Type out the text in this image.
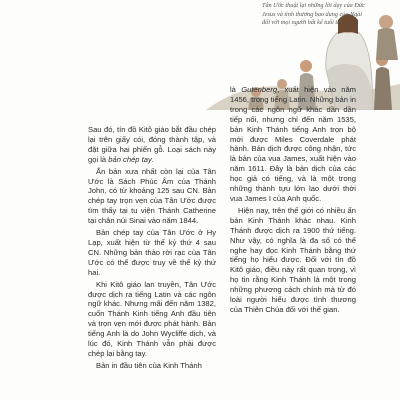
Tân Ước thuật lại những lời dạy của Đức Jesus và tình thương bao dung của Ngài đối với mọi người bất kể tuổi tác.

Sau đó, tín đồ Kitô giáo bắt đầu chép lại trên giấy cói, đóng thành tập, và đặt giữa hai phiến gỗ. Loại sách này gọi là bản chép tay.

Ấn bản xưa nhất còn lại của Tân Ước là Sách Phúc Âm của Thánh John, có từ khoảng 125 sau CN. Bản chép tay trọn vẹn của Tân Ước được tìm thấy tại tu viện Thánh Catherine tại chân núi Sinai vào năm 1844.

Bản chép tay của Tân Ước ở Hy Lạp, xuất hiện từ thế kỷ thứ 4 sau CN. Những bản thảo rời rạc của Tân Ước có thể được truy về thế kỷ thứ hai.

Khi Kitô giáo lan truyền, Tân Ước được dịch ra tiếng Latin và các ngôn ngữ khác. Nhưng mãi đến năm 1382, cuốn Thánh Kinh tiếng Anh đầu tiên và trọn vẹn mới được phát hành. Bản tiếng Anh là do John Wycliffe dịch, và lúc đó, Kinh Thánh vẫn phải được chép lại bằng tay.

Bản in đầu tiên của Kinh Thánh

là Gutenberg, xuất hiện vào năm 1456, trong tiếng Latin. Những bản in trong các ngôn ngữ khác dần dần tiếp nối, nhưng chỉ đến năm 1535, bản Kinh Thánh tiếng Anh trọn bộ mới được Miles Coverdale phát hành. Bản dịch được công nhận, tức là bản của vua James, xuất hiện vào năm 1611. Đây là bản dịch của các học giả có tiếng, và là một trong những thành tựu lớn lao dưới thời vua James I của Anh quốc.

Hiện nay, trên thế giới có nhiều ấn bản Kinh Thánh khác nhau. Kinh Thánh được dịch ra 1900 thứ tiếng. Như vậy, có nghĩa là đa số có thể nghe hay đọc Kinh Thánh bằng thứ tiếng họ hiểu được. Đối với tín đồ Kitô giáo, điều này rất quan trọng, vì họ tin rằng Kinh Thánh là một trong những phương cách chính mà từ đó loài người hiểu được tình thương của Thiên Chúa đối với thế gian.
